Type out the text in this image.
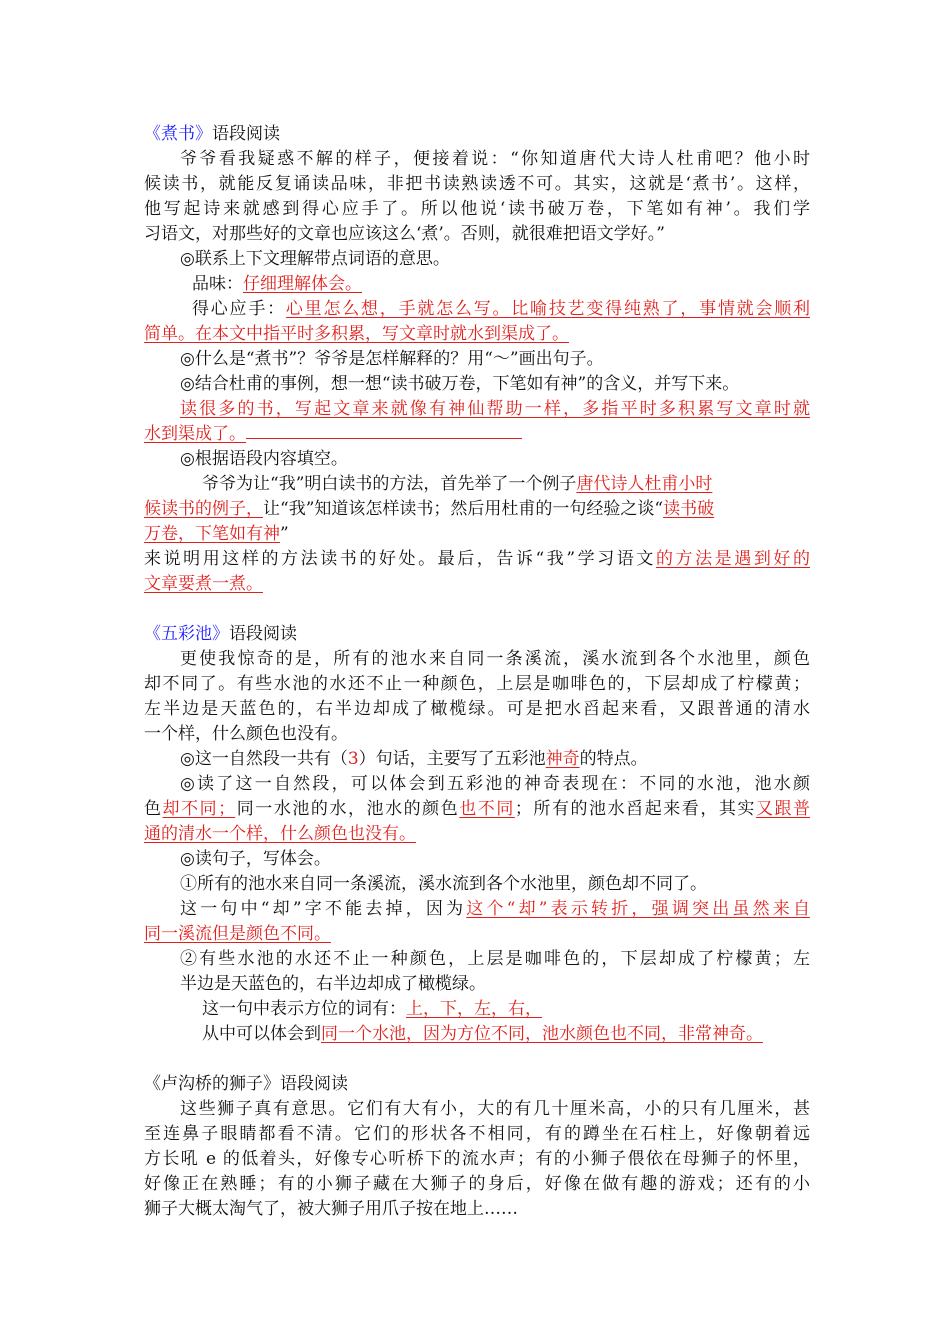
《煮书》语段阅读
爷爷看我疑惑不解的样子，便接着说：“你知道唐代大诗人杜甫吧？他小时
候读书，就能反复诵读品味，非把书读熟读透不可。其实，这就是‘煮书’。这样，
他写起诗来就感到得心应手了。所以他说‘读书破万卷，下笔如有神’。我们学
习语文，对那些好的文章也应该这么‘煮’。否则，就很难把语文学好。”
◎联系上下文理解带点词语的意思。
品味：仔细理解体会。
得心应手：心里怎么想，手就怎么写。比喻技艺变得纯熟了，事情就会顺利
简单。在本文中指平时多积累，写文章时就水到渠成了。
◎什么是“煮书”？爷爷是怎样解释的？用“～”画出句子。
◎结合杜甫的事例，想一想“读书破万卷，下笔如有神”的含义，并写下来。
读很多的书，写起文章来就像有神仙帮助一样，多指平时多积累写文章时就
水到渠成了。
◎根据语段内容填空。
爷爷为让“我”明白读书的方法，首先举了一个例子唐代诗人杜甫小时
候读书的例子，让“我”知道该怎样读书；然后用杜甫的一句经验之谈“读书破
万卷，下笔如有神”
来说明用这样的方法读书的好处。最后，告诉“我”学习语文的方法是遇到好的
文章要煮一煮。
《五彩池》语段阅读
更使我惊奇的是，所有的池水来自同一条溪流，溪水流到各个水池里，颜色
却不同了。有些水池的水还不止一种颜色，上层是咖啡色的，下层却成了柠檬黄；
左半边是天蓝色的，右半边却成了橄榄绿。可是把水舀起来看，又跟普通的清水
一个样，什么颜色也没有。
◎这一自然段一共有（3）句话，主要写了五彩池神奇的特点。
◎读了这一自然段，可以体会到五彩池的神奇表现在：不同的水池，池水颜
色却不同；同一水池的水，池水的颜色也不同；所有的池水舀起来看，其实又跟普
通的清水一个样，什么颜色也没有。
◎读句子，写体会。
①所有的池水来自同一条溪流，溪水流到各个水池里，颜色却不同了。
这一句中“却”字不能去掉，因为这个“却”表示转折，强调突出虽然来自
同一溪流但是颜色不同。
②有些水池的水还不止一种颜色，上层是咖啡色的，下层却成了柠檬黄；左
半边是天蓝色的，右半边却成了橄榄绿。
这一句中表示方位的词有：上，下，左，右，
从中可以体会到同一个水池，因为方位不同，池水颜色也不同，非常神奇。
《卢沟桥的狮子》语段阅读
这些狮子真有意思。它们有大有小，大的有几十厘米高，小的只有几厘米，甚
至连鼻子眼睛都看不清。它们的形状各不相同，有的蹲坐在石柱上，好像朝着远
方长吼 e 的低着头，好像专心听桥下的流水声；有的小狮子偎依在母狮子的怀里，
好像正在熟睡；有的小狮子藏在大狮子的身后，好像在做有趣的游戏；还有的小
狮子大概太淘气了，被大狮子用爪子按在地上……
